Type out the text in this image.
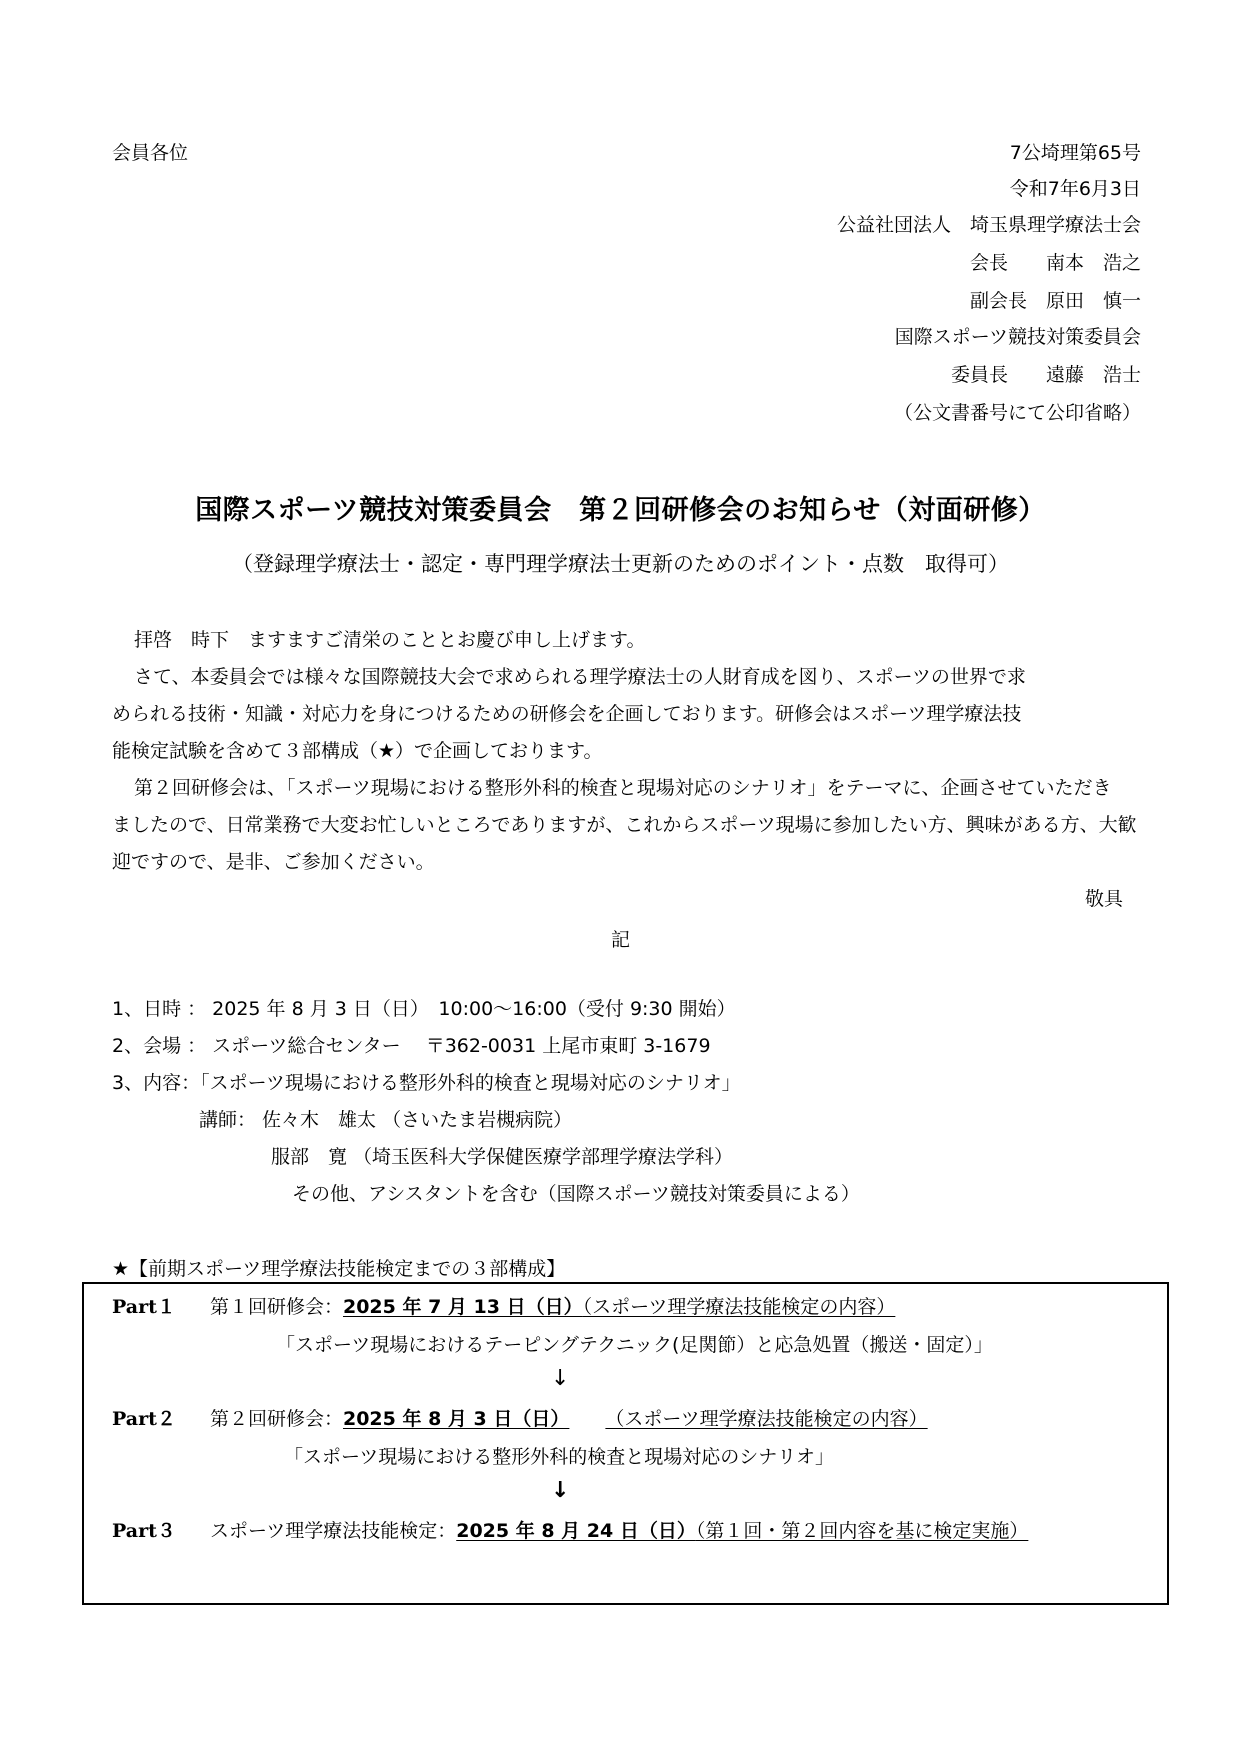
会員各位	7公埼理第65号
令和7年6月3日
公益社団法人　埼玉県理学療法士会
会長　　南本　浩之
副会長　原田　慎一
国際スポーツ競技対策委員会
委員長　　遠藤　浩士
（公文書番号にて公印省略）
国際スポーツ競技対策委員会　第２回研修会のお知らせ（対面研修）
（登録理学療法士・認定・専門理学療法士更新のためのポイント・点数　取得可）
拝啓　時下　ますますご清栄のこととお慶び申し上げます。
さて、本委員会では様々な国際競技大会で求められる理学療法士の人財育成を図り、スポーツの世界で求
められる技術・知識・対応力を身につけるための研修会を企画しております。研修会はスポーツ理学療法技
能検定試験を含めて３部構成（★）で企画しております。
第２回研修会は、「スポーツ現場における整形外科的検査と現場対応のシナリオ」をテーマに、企画させていただき
ましたので、日常業務で大変お忙しいところでありますが、これからスポーツ現場に参加したい方、興味がある方、大歓
迎ですので、是非、ご参加ください。
敬具
記
1、日時 ： 2025 年 8 月 3 日（日）　10:00～16:00（受付 9:30 開始）
2、会場 ： スポーツ総合センター　 〒362-0031 上尾市東町 3-1679
3、内容：「スポーツ現場における整形外科的検査と現場対応のシナリオ」
講師： 佐々木　雄太 （さいたま岩槻病院）
服部　寛 （埼玉医科大学保健医療学部理学療法学科）
その他、アシスタントを含む（国際スポーツ競技対策委員による）
★【前期スポーツ理学療法技能検定までの３部構成】
Part１ 第１回研修会：2025 年 7 月 13 日（日）（スポーツ理学療法技能検定の内容）
「スポーツ現場におけるテーピングテクニック(足関節）と応急処置（搬送・固定）」
↓
Part２ 第２回研修会：2025 年 8 月 3 日（日） （スポーツ理学療法技能検定の内容）
「スポーツ現場における整形外科的検査と現場対応のシナリオ」
↓
Part３ スポーツ理学療法技能検定：2025 年 8 月 24 日（日）（第１回・第２回内容を基に検定実施）
